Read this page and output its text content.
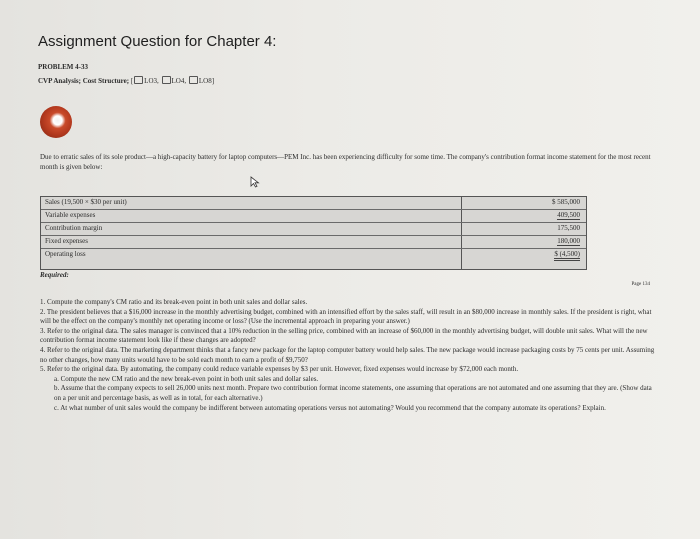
Assignment Question for Chapter 4:
PROBLEM 4-33
CVP Analysis; Cost Structure; [ LO3, LO4, LO8]
Due to erratic sales of its sole product—a high-capacity battery for laptop computers—PEM Inc. has been experiencing difficulty for some time. The company's contribution format income statement for the most recent month is given below:
Sales (19,500 × $30 per unit)	$ 585,000
Variable expenses	409,500
Contribution margin	175,500
Fixed expenses	180,000
Operating loss	$ (4,500)
Required:
Page 134
1. Compute the company's CM ratio and its break-even point in both unit sales and dollar sales.
2. The president believes that a $16,000 increase in the monthly advertising budget, combined with an intensified effort by the sales staff, will result in an $80,000 increase in monthly sales. If the president is right, what will be the effect on the company's monthly net operating income or loss? (Use the incremental approach in preparing your answer.)
3. Refer to the original data. The sales manager is convinced that a 10% reduction in the selling price, combined with an increase of $60,000 in the monthly advertising budget, will double unit sales. What will the new contribution format income statement look like if these changes are adopted?
4. Refer to the original data. The marketing department thinks that a fancy new package for the laptop computer battery would help sales. The new package would increase packaging costs by 75 cents per unit. Assuming no other changes, how many units would have to be sold each month to earn a profit of $9,750?
5. Refer to the original data. By automating, the company could reduce variable expenses by $3 per unit. However, fixed expenses would increase by $72,000 each month.
a. Compute the new CM ratio and the new break-even point in both unit sales and dollar sales.
b. Assume that the company expects to sell 26,000 units next month. Prepare two contribution format income statements, one assuming that operations are not automated and one assuming that they are. (Show data on a per unit and percentage basis, as well as in total, for each alternative.)
c. At what number of unit sales would the company be indifferent between automating operations versus not automating? Would you recommend that the company automate its operations? Explain.
